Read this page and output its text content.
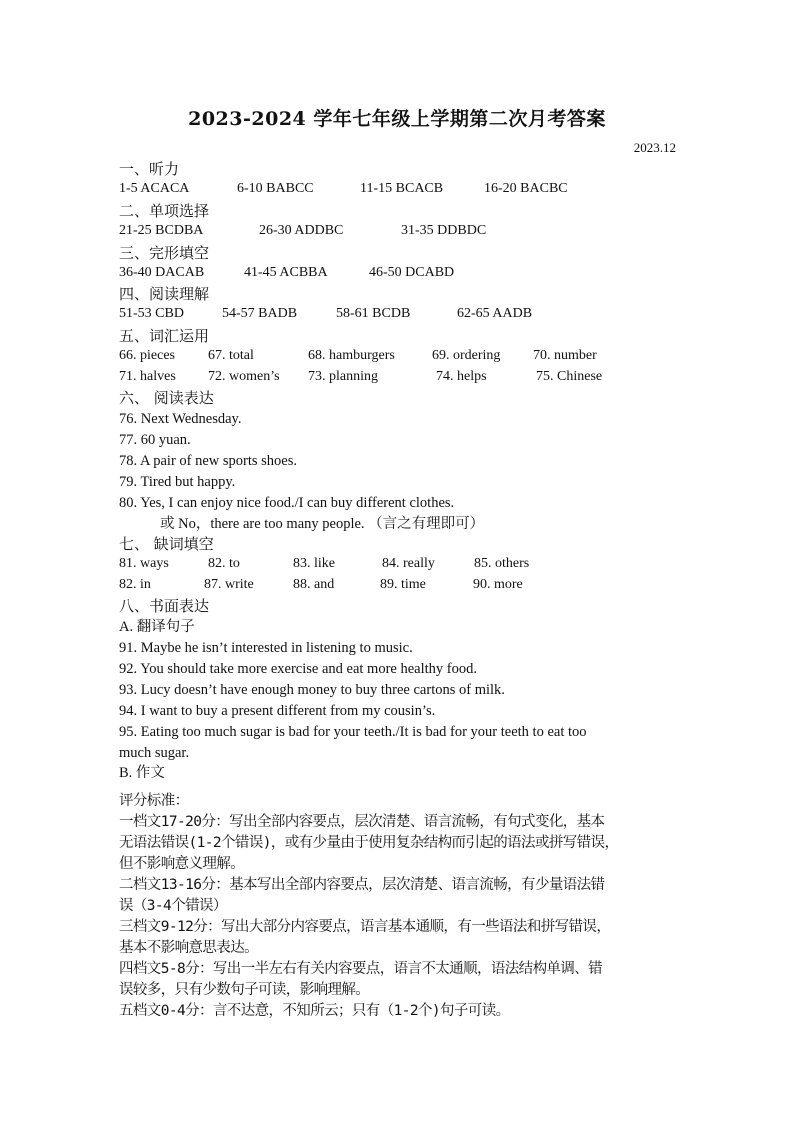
2023-2024 学年七年级上学期第二次月考答案
2023.12
一、听力
1-5 ACACA	6-10 BABCC	11-15 BCACB	16-20 BACBC
二、单项选择
21-25 BCDBA	26-30 ADDBC	31-35 DDBDC
三、完形填空
36-40 DACAB	41-45 ACBBA	46-50 DCABD
四、阅读理解
51-53 CBD	54-57 BADB	58-61 BCDB	62-65 AADB
五、词汇运用
66. pieces 67. total	68. hamburgers	69. ordering 70. number
71. halves 72. women’s 73. planning	74. helps	75. Chinese
六、 阅读表达
76. Next Wednesday.
77. 60 yuan.
78. A pair of new sports shoes.
79. Tired but happy.
80. Yes, I can enjoy nice food./I can buy different clothes.
或 No，there are too many people. （言之有理即可）
七、 缺词填空
81. ways	82. to	83. like	84. really	85. others
82. in	87. write	88. and	89. time	90. more
八、书面表达
A. 翻译句子
91. Maybe he isn’t interested in listening to music.
92. You should take more exercise and eat more healthy food.
93. Lucy doesn’t have enough money to buy three cartons of milk.
94. I want to buy a present different from my cousin’s.
95. Eating too much sugar is bad for your teeth./It is bad for your teeth to eat too
much sugar.
B. 作文
评分标准：
一档文17-20分：写出全部内容要点，层次清楚、语言流畅，有句式变化，基本
无语法错误(1-2个错误)，或有少量由于使用复杂结构而引起的语法或拼写错误，
但不影响意义理解。
二档文13-16分：基本写出全部内容要点，层次清楚、语言流畅，有少量语法错
误（3-4个错误）
三档文9-12分：写出大部分内容要点，语言基本通顺，有一些语法和拼写错误，
基本不影响意思表达。
四档文5-8分：写出一半左右有关内容要点，语言不太通顺，语法结构单调、错
误较多，只有少数句子可读，影响理解。
五档文0-4分：言不达意，不知所云；只有（1-2个)句子可读。
